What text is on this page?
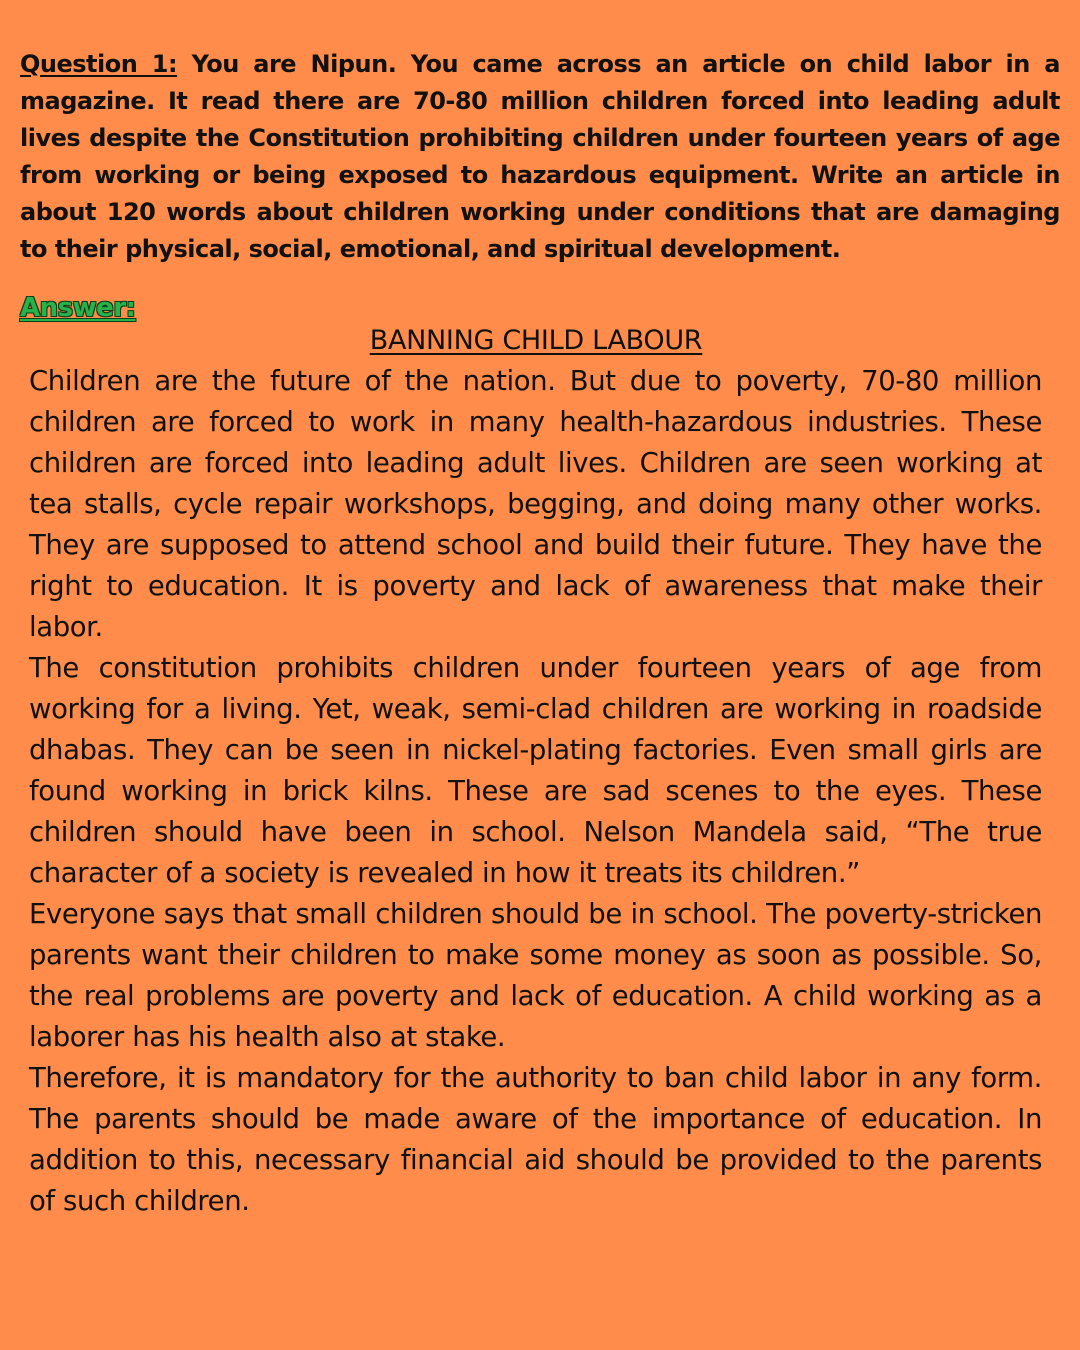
Question 1: You are Nipun. You came across an article on child labor in a magazine. It read there are 70-80 million children forced into leading adult lives despite the Constitution prohibiting children under fourteen years of age from working or being exposed to hazardous equipment. Write an article in about 120 words about children working under conditions that are damaging to their physical, social, emotional, and spiritual development.

Answer:
BANNING CHILD LABOUR

Children are the future of the nation. But due to poverty, 70-80 million children are forced to work in many health-hazardous industries. These children are forced into leading adult lives. Children are seen working at tea stalls, cycle repair workshops, begging, and doing many other works. They are supposed to attend school and build their future. They have the right to education. It is poverty and lack of awareness that make their labor.

The constitution prohibits children under fourteen years of age from working for a living. Yet, weak, semi-clad children are working in roadside dhabas. They can be seen in nickel-plating factories. Even small girls are found working in brick kilns. These are sad scenes to the eyes. These children should have been in school. Nelson Mandela said, “The true character of a society is revealed in how it treats its children.”

Everyone says that small children should be in school. The poverty-stricken parents want their children to make some money as soon as possible. So, the real problems are poverty and lack of education. A child working as a laborer has his health also at stake.

Therefore, it is mandatory for the authority to ban child labor in any form. The parents should be made aware of the importance of education. In addition to this, necessary financial aid should be provided to the parents of such children.
